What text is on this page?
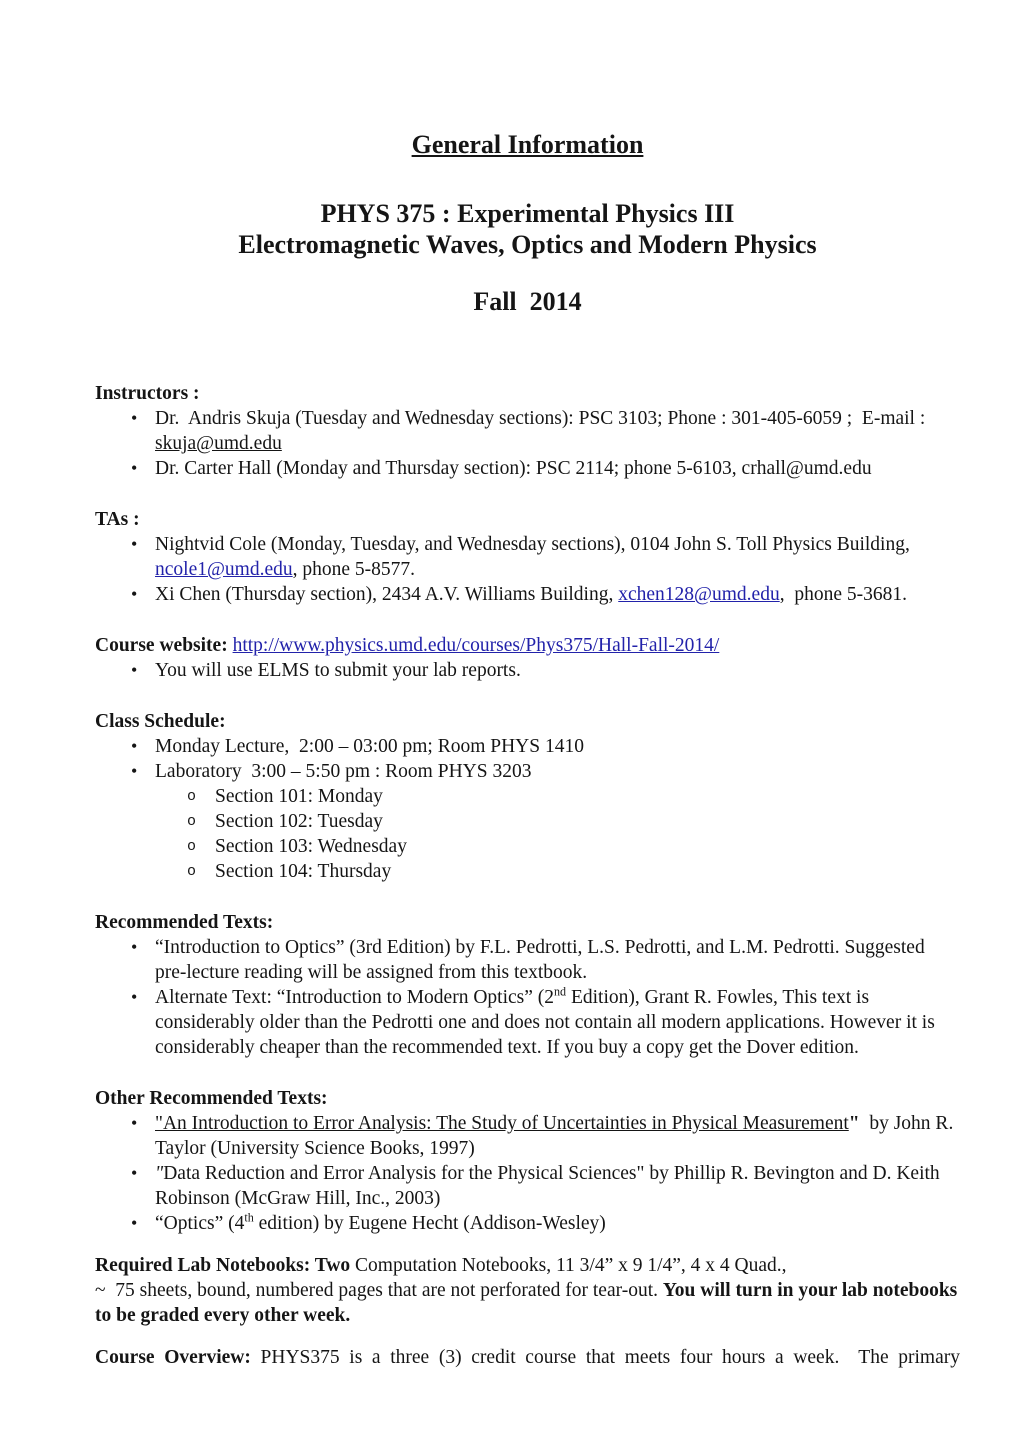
General Information
PHYS 375 : Experimental Physics III
Electromagnetic Waves, Optics and Modern Physics
Fall  2014
Instructors :
• Dr.  Andris Skuja (Tuesday and Wednesday sections): PSC 3103; Phone : 301-405-6059 ;  E-mail : skuja@umd.edu
• Dr. Carter Hall (Monday and Thursday section): PSC 2114; phone 5-6103, crhall@umd.edu
TAs :
• Nightvid Cole (Monday, Tuesday, and Wednesday sections), 0104 John S. Toll Physics Building, ncole1@umd.edu, phone 5-8577.
• Xi Chen (Thursday section), 2434 A.V. Williams Building, xchen128@umd.edu,  phone 5-3681.
Course website: http://www.physics.umd.edu/courses/Phys375/Hall-Fall-2014/
• You will use ELMS to submit your lab reports.
Class Schedule:
• Monday Lecture,  2:00 – 03:00 pm; Room PHYS 1410
• Laboratory  3:00 – 5:50 pm : Room PHYS 3203
o Section 101: Monday
o Section 102: Tuesday
o Section 103: Wednesday
o Section 104: Thursday
Recommended Texts:
• “Introduction to Optics” (3rd Edition) by F.L. Pedrotti, L.S. Pedrotti, and L.M. Pedrotti. Suggested pre-lecture reading will be assigned from this textbook.
• Alternate Text: “Introduction to Modern Optics” (2nd Edition), Grant R. Fowles, This text is considerably older than the Pedrotti one and does not contain all modern applications. However it is considerably cheaper than the recommended text. If you buy a copy get the Dover edition.
Other Recommended Texts:
• "An Introduction to Error Analysis: The Study of Uncertainties in Physical Measurement"  by John R. Taylor (University Science Books, 1997)
• "Data Reduction and Error Analysis for the Physical Sciences" by Phillip R. Bevington and D. Keith Robinson (McGraw Hill, Inc., 2003)
• “Optics” (4th edition) by Eugene Hecht (Addison-Wesley)
Required Lab Notebooks: Two Computation Notebooks, 11 3/4” x 9 1/4”, 4 x 4 Quad.,
~  75 sheets, bound, numbered pages that are not perforated for tear-out. You will turn in your lab notebooks to be graded every other week.
Course Overview: PHYS375 is a three (3) credit course that meets four hours a week.  The primary
